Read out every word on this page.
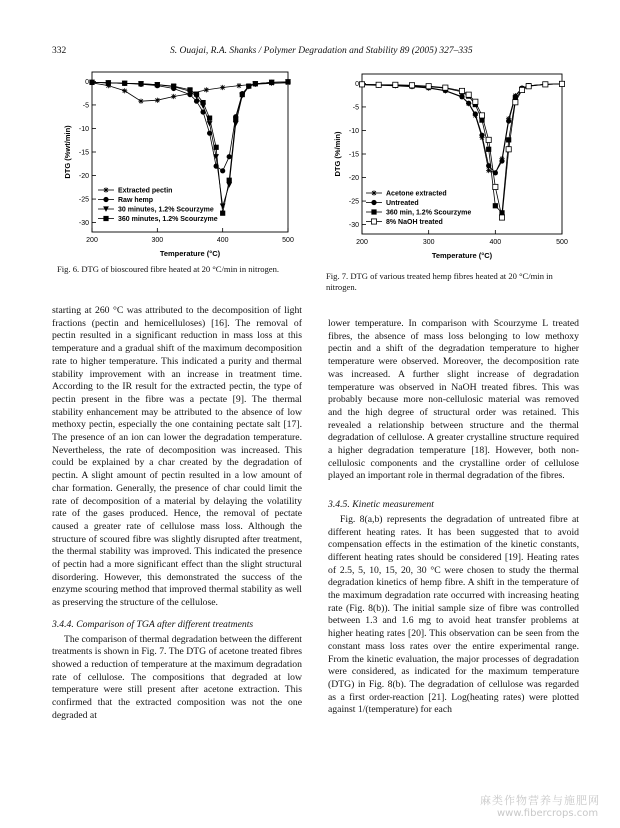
332	S. Ouajai, R.A. Shanks / Polymer Degradation and Stability 89 (2005) 327–335
200	300	400	500
0
-5
-10
-15
-20
-25
-30
Temperature (°C)
DTG (%wt/min)
Extracted pectin
Raw hemp
30 minutes, 1.2% Scourzyme
360 minutes, 1.2% Scourzyme
Fig. 6. DTG of bioscoured fibre heated at 20 °C/min in nitrogen.
200	300	400	500
0
-5
-10
-15
-20
-25
-30
Temperature (°C)
DTG (%/min)
Acetone extracted
Untreated
360 min, 1.2% Scourzyme
8% NaOH treated
Fig. 7. DTG of various treated hemp fibres heated at 20 °C/min in nitrogen.

starting at 260 °C was attributed to the decomposition of light fractions (pectin and hemicelluloses) [16]. The removal of pectin resulted in a significant reduction in mass loss at this temperature and a gradual shift of the maximum decomposition rate to higher temperature. This indicated a purity and thermal stability improvement with an increase in treatment time. According to the IR result for the extracted pectin, the type of pectin present in the fibre was a pectate [9]. The thermal stability enhancement may be attributed to the absence of low methoxy pectin, especially the one containing pectate salt [17]. The presence of an ion can lower the degradation temperature. Nevertheless, the rate of decomposition was increased. This could be explained by a char created by the degradation of pectin. A slight amount of pectin resulted in a low amount of char formation. Generally, the presence of char could limit the rate of decomposition of a material by delaying the volatility rate of the gases produced. Hence, the removal of pectate caused a greater rate of cellulose mass loss. Although the structure of scoured fibre was slightly disrupted after treatment, the thermal stability was improved. This indicated the presence of pectin had a more significant effect than the slight structural disordering. However, this demonstrated the success of the enzyme scouring method that improved thermal stability as well as preserving the structure of the cellulose.

3.4.4. Comparison of TGA after different treatments

The comparison of thermal degradation between the different treatments is shown in Fig. 7. The DTG of acetone treated fibres showed a reduction of temperature at the maximum degradation rate of cellulose. The compositions that degraded at low temperature were still present after acetone extraction. This confirmed that the extracted composition was not the one degraded at

lower temperature. In comparison with Scourzyme L treated fibres, the absence of mass loss belonging to low methoxy pectin and a shift of the degradation temperature to higher temperature were observed. Moreover, the decomposition rate was increased. A further slight increase of degradation temperature was observed in NaOH treated fibres. This was probably because more non-cellulosic material was removed and the high degree of structural order was retained. This revealed a relationship between structure and the thermal degradation of cellulose. A greater crystalline structure required a higher degradation temperature [18]. However, both non-cellulosic components and the crystalline order of cellulose played an important role in thermal degradation of the fibres.

3.4.5. Kinetic measurement

Fig. 8(a,b) represents the degradation of untreated fibre at different heating rates. It has been suggested that to avoid compensation effects in the estimation of the kinetic constants, different heating rates should be considered [19]. Heating rates of 2.5, 5, 10, 15, 20, 30 °C were chosen to study the thermal degradation kinetics of hemp fibre. A shift in the temperature of the maximum degradation rate occurred with increasing heating rate (Fig. 8(b)). The initial sample size of fibre was controlled between 1.3 and 1.6 mg to avoid heat transfer problems at higher heating rates [20]. This observation can be seen from the constant mass loss rates over the entire experimental range. From the kinetic evaluation, the major processes of degradation were considered, as indicated for the maximum temperature (DTG) in Fig. 8(b). The degradation of cellulose was regarded as a first order-reaction [21]. Log(heating rates) were plotted against 1/(temperature) for each

麻类作物营养与施肥网
www.fibercrops.com
